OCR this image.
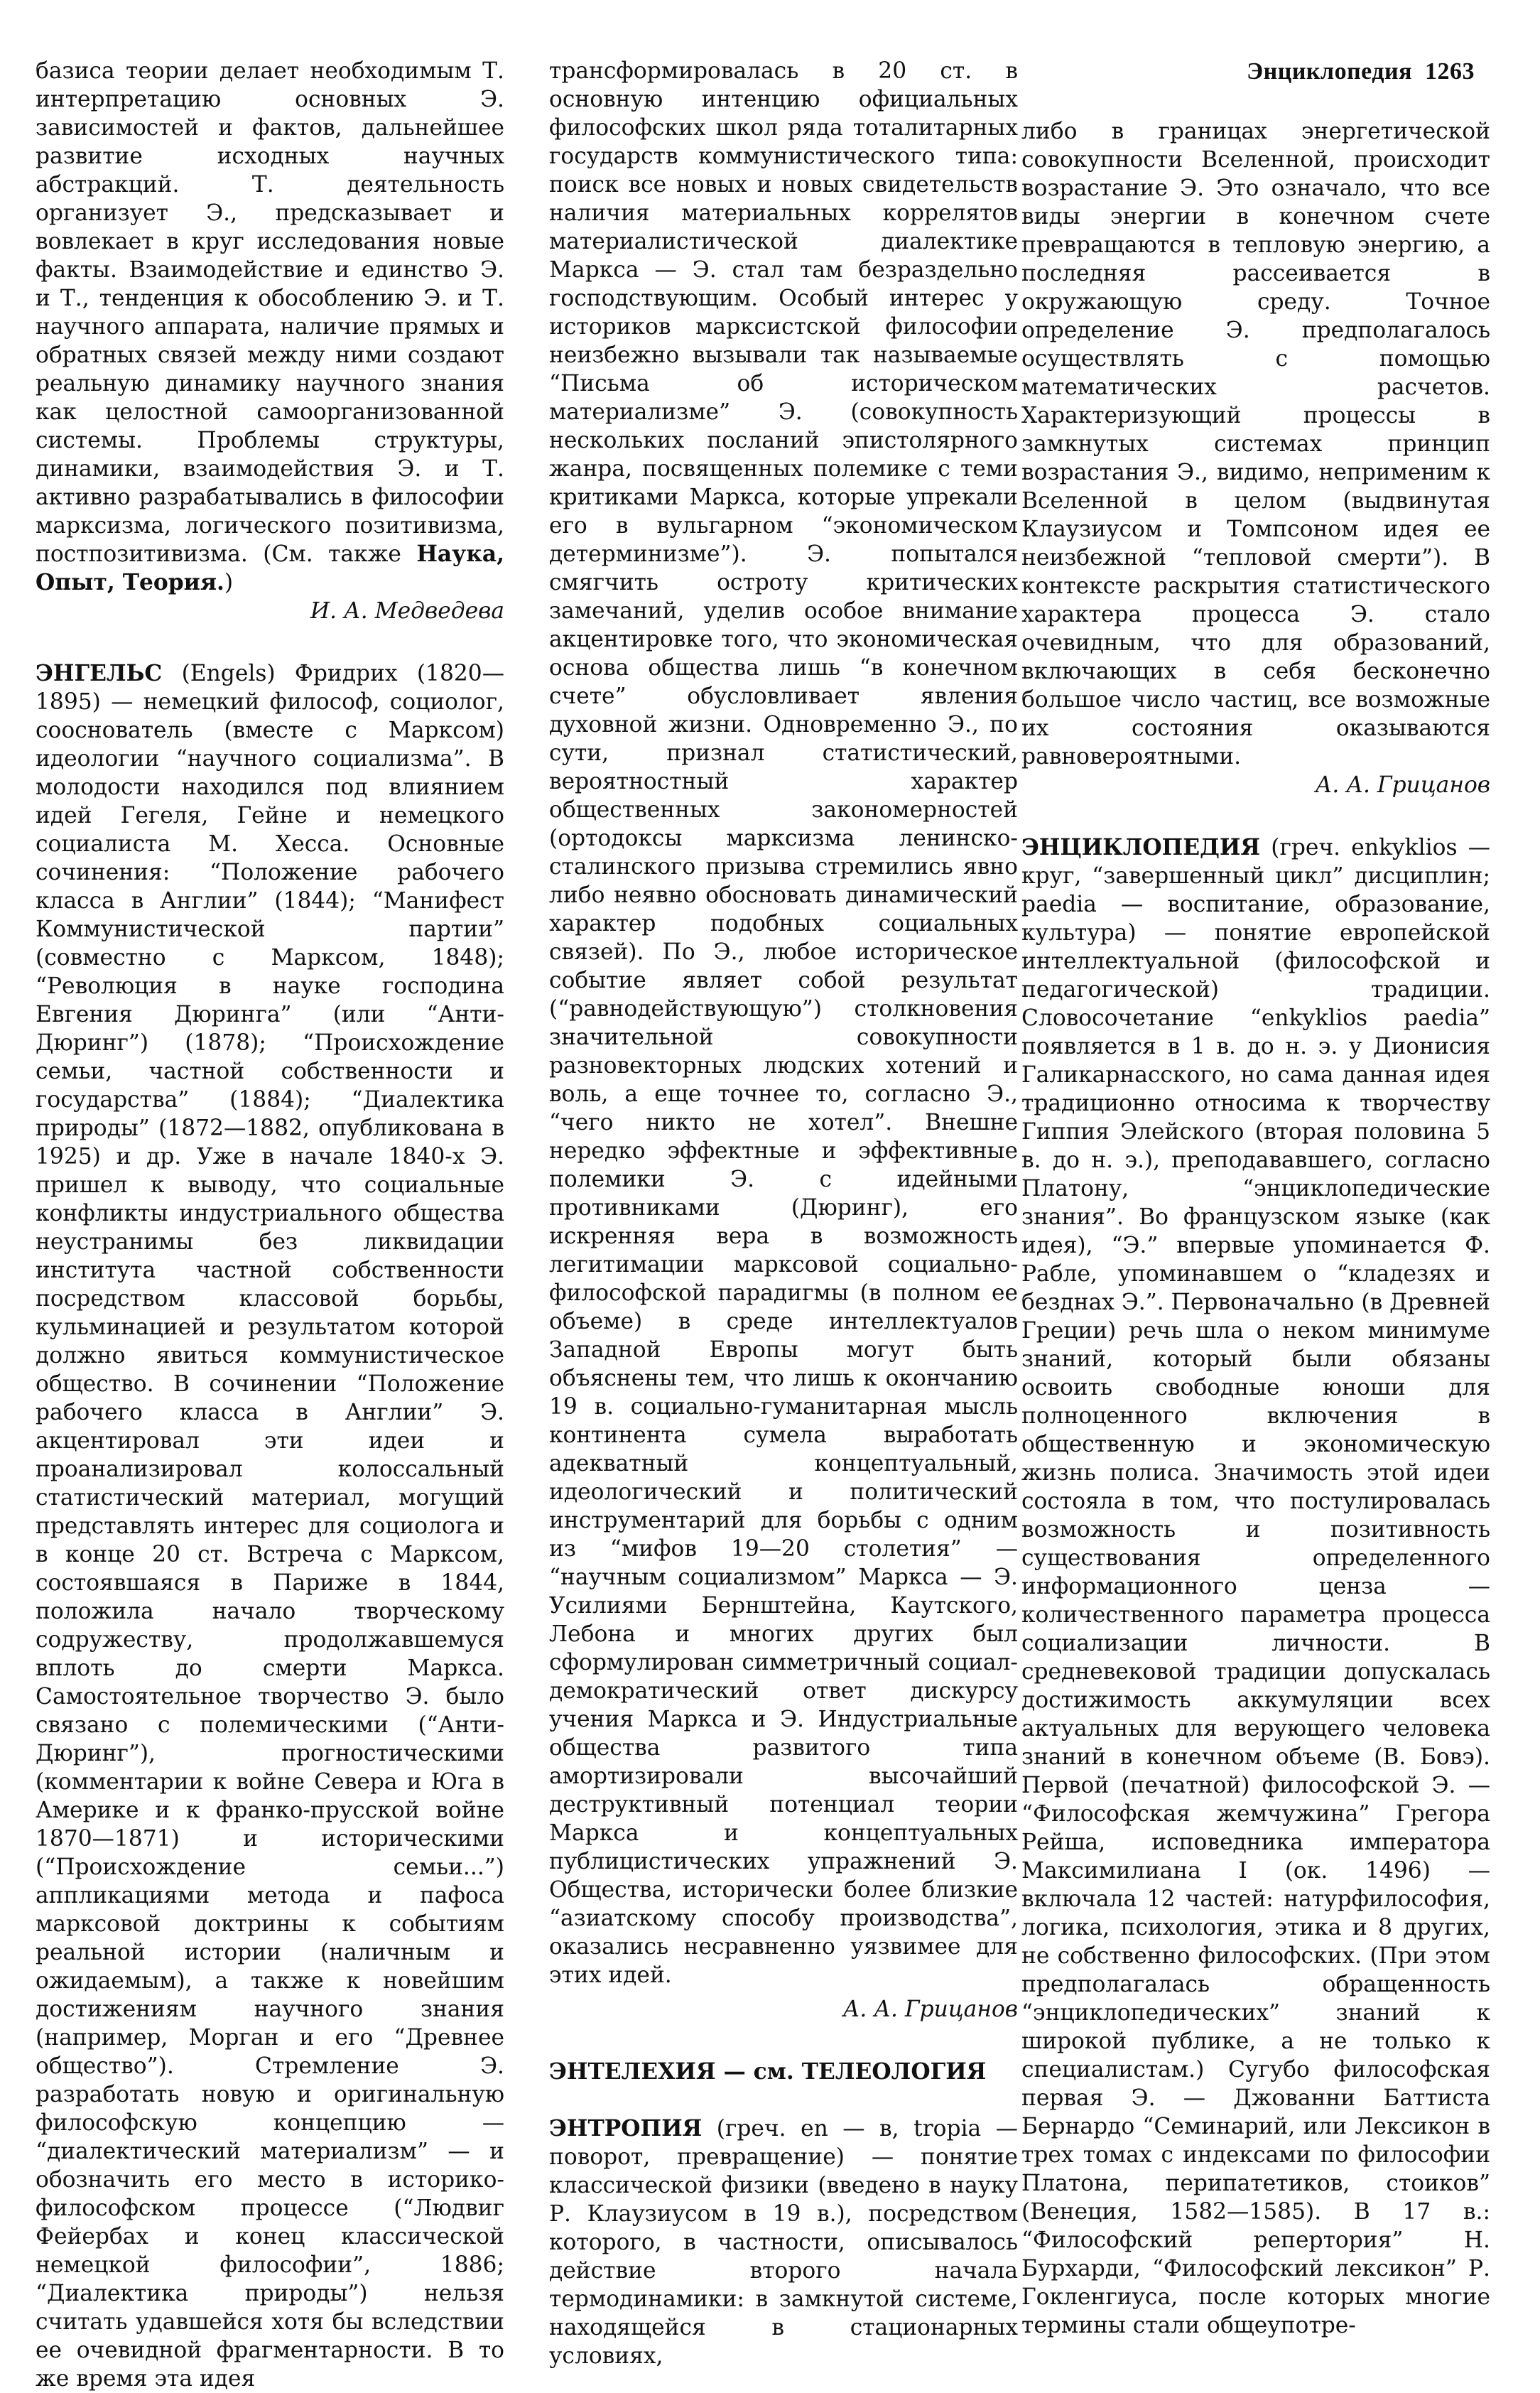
Энциклопедия 1263

базиса теории делает необходимым Т. интерпретацию основных Э. зависимостей и фактов, дальнейшее развитие исходных научных абстракций. Т. деятельность организует Э., предсказывает и вовлекает в круг исследования новые факты. Взаимодействие и единство Э. и Т., тенденция к обособлению Э. и Т. научного аппарата, наличие прямых и обратных связей между ними создают реальную динамику научного знания как целостной самоорганизованной системы. Проблемы структуры, динамики, взаимодействия Э. и Т. активно разрабатывались в философии марксизма, логического позитивизма, постпозитивизма. (См. также Наука, Опыт, Теория.)

И. А. Медведева

ЭНГЕЛЬС (Engels) Фридрих (1820—1895) — немецкий философ, социолог, сооснователь (вместе с Марксом) идеологии “научного социализма”. В молодости находился под влиянием идей Гегеля, Гейне и немецкого социалиста М. Хесса. Основные сочинения: “Положение рабочего класса в Англии” (1844); “Манифест Коммунистической партии” (совместно с Марксом, 1848); “Революция в науке господина Евгения Дюринга” (или “Анти-Дюринг”) (1878); “Происхождение семьи, частной собственности и государства” (1884); “Диалектика природы” (1872—1882, опубликована в 1925) и др. Уже в начале 1840-х Э. пришел к выводу, что социальные конфликты индустриального общества неустранимы без ликвидации института частной собственности посредством классовой борьбы, кульминацией и результатом которой должно явиться коммунистическое общество. В сочинении “Положение рабочего класса в Англии” Э. акцентировал эти идеи и проанализировал колоссальный статистический материал, могущий представлять интерес для социолога и в конце 20 ст. Встреча с Марксом, состоявшаяся в Париже в 1844, положила начало творческому содружеству, продолжавшемуся вплоть до смерти Маркса. Самостоятельное творчество Э. было связано с полемическими (“Анти-Дюринг”), прогностическими (комментарии к войне Севера и Юга в Америке и к франко-прусской войне 1870—1871) и историческими (“Происхождение семьи...”) аппликациями метода и пафоса марксовой доктрины к событиям реальной истории (наличным и ожидаемым), а также к новейшим достижениям научного знания (например, Морган и его “Древнее общество”). Стремление Э. разработать новую и оригинальную философскую концепцию — “диалектический материализм” — и обозначить его место в историко-философском процессе (“Людвиг Фейербах и конец классической немецкой философии”, 1886; “Диалектика природы”) нельзя считать удавшейся хотя бы вследствии ее очевидной фрагментарности. В то же время эта идея

трансформировалась в 20 ст. в основную интенцию официальных философских школ ряда тоталитарных государств коммунистического типа: поиск все новых и новых свидетельств наличия материальных коррелятов материалистической диалектике Маркса — Э. стал там безраздельно господствующим. Особый интерес у историков марксистской философии неизбежно вызывали так называемые “Письма об историческом материализме” Э. (совокупность нескольких посланий эпистолярного жанра, посвященных полемике с теми критиками Маркса, которые упрекали его в вульгарном “экономическом детерминизме”). Э. попытался смягчить остроту критических замечаний, уделив особое внимание акцентировке того, что экономическая основа общества лишь “в конечном счете” обусловливает явления духовной жизни. Одновременно Э., по сути, признал статистический, вероятностный характер общественных закономерностей (ортодоксы марксизма ленинско-сталинского призыва стремились явно либо неявно обосновать динамический характер подобных социальных связей). По Э., любое историческое событие являет собой результат (“равнодействующую”) столкновения значительной совокупности разновекторных людских хотений и воль, а еще точнее то, согласно Э., “чего никто не хотел”. Внешне нередко эффектные и эффективные полемики Э. с идейными противниками (Дюринг), его искренняя вера в возможность легитимации марксовой социально-философской парадигмы (в полном ее объеме) в среде интеллектуалов Западной Европы могут быть объяснены тем, что лишь к окончанию 19 в. социально-гуманитарная мысль континента сумела выработать адекватный концептуальный, идеологический и политический инструментарий для борьбы с одним из “мифов 19—20 столетия” — “научным социализмом” Маркса — Э. Усилиями Бернштейна, Каутского, Лебона и многих других был сформулирован симметричный социал-демократический ответ дискурсу учения Маркса и Э. Индустриальные общества развитого типа амортизировали высочайший деструктивный потенциал теории Маркса и концептуальных публицистических упражнений Э. Общества, исторически более близкие “азиатскому способу производства”, оказались несравненно уязвимее для этих идей.

А. А. Грицанов

ЭНТЕЛЕХИЯ — см. ТЕЛЕОЛОГИЯ

ЭНТРОПИЯ (греч. en — в, tropia — поворот, превращение) — понятие классической физики (введено в науку Р. Клаузиусом в 19 в.), посредством которого, в частности, описывалось действие второго начала термодинамики: в замкнутой системе, находящейся в стационарных условиях,

либо в границах энергетической совокупности Вселенной, происходит возрастание Э. Это означало, что все виды энергии в конечном счете превращаются в тепловую энергию, а последняя рассеивается в окружающую среду. Точное определение Э. предполагалось осуществлять с помощью математических расчетов. Характеризующий процессы в замкнутых системах принцип возрастания Э., видимо, неприменим к Вселенной в целом (выдвинутая Клаузиусом и Томпсоном идея ее неизбежной “тепловой смерти”). В контексте раскрытия статистического характера процесса Э. стало очевидным, что для образований, включающих в себя бесконечно большое число частиц, все возможные их состояния оказываются равновероятными.

А. А. Грицанов

ЭНЦИКЛОПЕДИЯ (греч. enkyklios — круг, “завершенный цикл” дисциплин; paedia — воспитание, образование, культура) — понятие европейской интеллектуальной (философской и педагогической) традиции. Словосочетание “enkyklios paedia” появляется в 1 в. до н. э. у Дионисия Галикарнасского, но сама данная идея традиционно относима к творчеству Гиппия Элейского (вторая половина 5 в. до н. э.), преподававшего, согласно Платону, “энциклопедические знания”. Во французском языке (как идея), “Э.” впервые упоминается Ф. Рабле, упоминавшем о “кладезях и безднах Э.”. Первоначально (в Древней Греции) речь шла о неком минимуме знаний, который были обязаны освоить свободные юноши для полноценного включения в общественную и экономическую жизнь полиса. Значимость этой идеи состояла в том, что постулировалась возможность и позитивность существования определенного информационного ценза — количественного параметра процесса социализации личности. В средневековой традиции допускалась достижимость аккумуляции всех актуальных для верующего человека знаний в конечном объеме (В. Бовэ). Первой (печатной) философской Э. — “Философская жемчужина” Грегора Рейша, исповедника императора Максимилиана I (ок. 1496) — включала 12 частей: натурфилософия, логика, психология, этика и 8 других, не собственно философских. (При этом предполагалась обращенность “энциклопедических” знаний к широкой публике, а не только к специалистам.) Сугубо философская первая Э. — Джованни Баттиста Бернардо “Семинарий, или Лексикон в трех томах с индексами по философии Платона, перипатетиков, стоиков” (Венеция, 1582—1585). В 17 в.: “Философский репертория” Н. Бурхарди, “Философский лексикон” Р. Гокленгиуса, после которых многие термины стали общеупотре-
